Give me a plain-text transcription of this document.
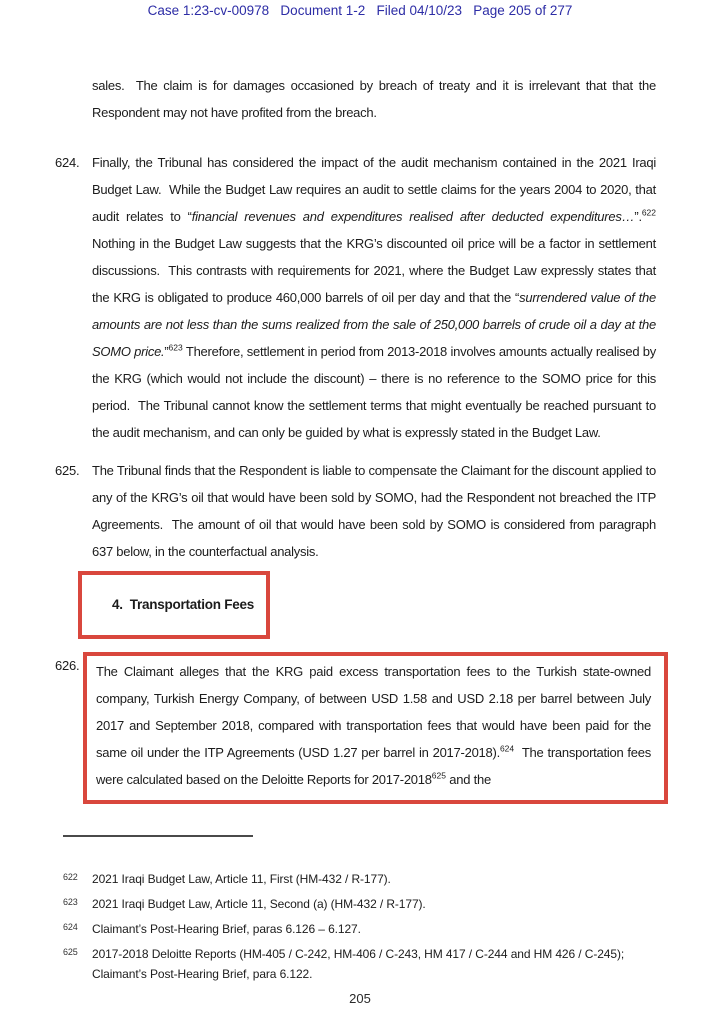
Case 1:23-cv-00978   Document 1-2   Filed 04/10/23   Page 205 of 277
sales.  The claim is for damages occasioned by breach of treaty and it is irrelevant that that the Respondent may not have profited from the breach.
624. Finally, the Tribunal has considered the impact of the audit mechanism contained in the 2021 Iraqi Budget Law.  While the Budget Law requires an audit to settle claims for the years 2004 to 2020, that audit relates to “financial revenues and expenditures realised after deducted expenditures…”.$^{622}$  Nothing in the Budget Law suggests that the KRG’s discounted oil price will be a factor in settlement discussions.  This contrasts with requirements for 2021, where the Budget Law expressly states that the KRG is obligated to produce 460,000 barrels of oil per day and that the “surrendered value of the amounts are not less than the sums realized from the sale of 250,000 barrels of crude oil a day at the SOMO price.”$^{623}$ Therefore, settlement in period from 2013-2018 involves amounts actually realised by the KRG (which would not include the discount) – there is no reference to the SOMO price for this period.  The Tribunal cannot know the settlement terms that might eventually be reached pursuant to the audit mechanism, and can only be guided by what is expressly stated in the Budget Law.
625. The Tribunal finds that the Respondent is liable to compensate the Claimant for the discount applied to any of the KRG’s oil that would have been sold by SOMO, had the Respondent not breached the ITP Agreements.  The amount of oil that would have been sold by SOMO is considered from paragraph 637 below, in the counterfactual analysis.

4.  Transportation Fees

626.	The Claimant alleges that the KRG paid excess transportation fees to the Turkish state-owned company, Turkish Energy Company, of between USD 1.58 and USD 2.18 per barrel between July 2017 and September 2018, compared with transportation fees that would have been paid for the same oil under the ITP Agreements (USD 1.27 per barrel in 2017-2018).$^{624}$  The transportation fees were calculated based on the Deloitte Reports for 2017-2018$^{625}$ and the
622	2021 Iraqi Budget Law, Article 11, First (HM-432 / R-177).
623	2021 Iraqi Budget Law, Article 11, Second (a) (HM-432 / R-177).
624	Claimant’s Post-Hearing Brief, paras 6.126 – 6.127.
625	2017-2018 Deloitte Reports (HM-405 / C-242, HM-406 / C-243, HM 417 / C-244 and HM 426 / C-245); Claimant’s Post-Hearing Brief, para 6.122.
205
